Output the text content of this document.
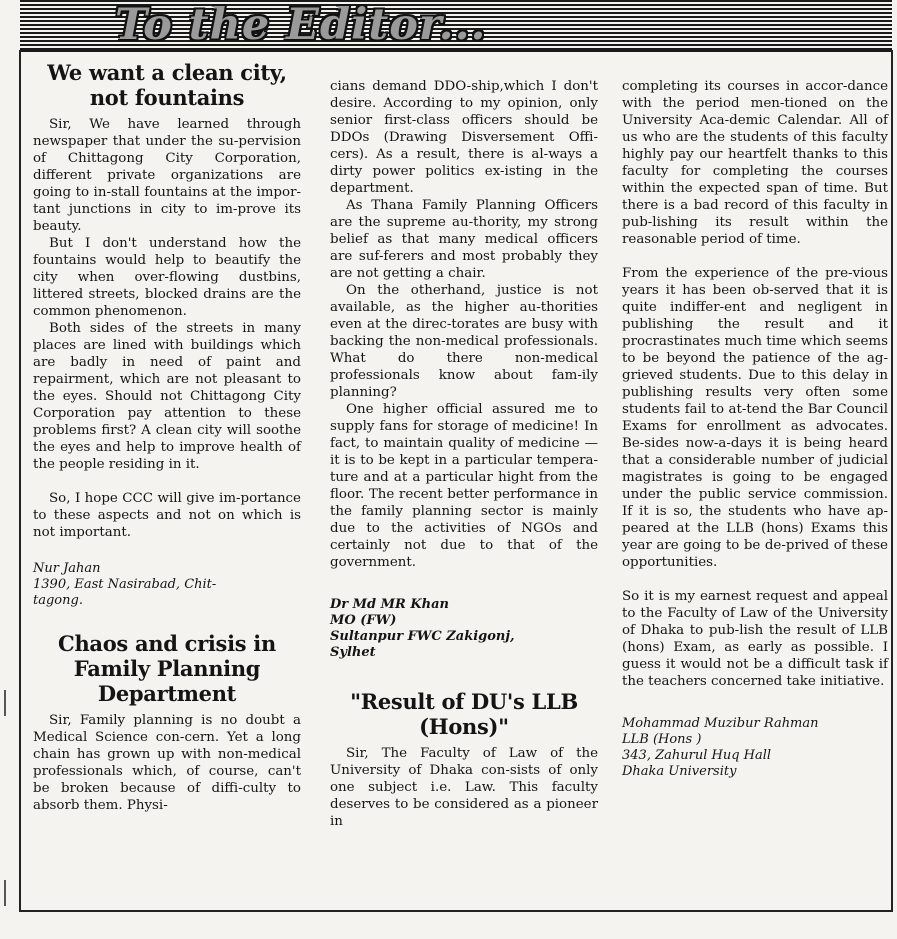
To the Editor...
We want a clean city,
not fountains

Sir, We have learned through newspaper that under the su-pervision of Chittagong City Corporation, different private organizations are going to in-stall fountains at the impor-tant junctions in city to im-prove its beauty.

But I don't understand how the fountains would help to beautify the city when over-flowing dustbins, littered streets, blocked drains are the common phenomenon.

Both sides of the streets in many places are lined with buildings which are badly in need of paint and repairment, which are not pleasant to the eyes. Should not Chittagong City Corporation pay attention to these problems first? A clean city will soothe the eyes and help to improve health of the people residing in it.

So, I hope CCC will give im-portance to these aspects and not on which is not important.

Nur Jahan

1390, East Nasirabad, Chit-

tagong.

Chaos and crisis in
Family Planning
Department

Sir, Family planning is no doubt a Medical Science con-cern. Yet a long chain has grown up with non-medical professionals which, of course, can't be broken because of diffi-culty to absorb them. Physi-

cians demand DDO-ship,which I don't desire. According to my opinion, only senior first-class officers should be DDOs (Drawing Disversement Offi-cers). As a result, there is al-ways a dirty power politics ex-isting in the department.

As Thana Family Planning Officers are the supreme au-thority, my strong belief as that many medical officers are suf-ferers and most probably they are not getting a chair.

On the otherhand, justice is not available, as the higher au-thorities even at the direc-torates are busy with backing the non-medical professionals. What do there non-medical professionals know about fam-ily planning?

One higher official assured me to supply fans for storage of medicine! In fact, to maintain quality of medicine — it is to be kept in a particular tempera-ture and at a particular hight from the floor. The recent better performance in the family planning sector is mainly due to the activities of NGOs and certainly not due to that of the government.

Dr Md MR Khan

MO (FW)

Sultanpur FWC Zakigonj,

Sylhet

"Result of DU's LLB
(Hons)"

Sir, The Faculty of Law of the University of Dhaka con-sists of only one subject i.e. Law. This faculty deserves to be considered as a pioneer in

completing its courses in accor-dance with the period men-tioned on the University Aca-demic Calendar. All of us who are the students of this faculty highly pay our heartfelt thanks to this faculty for completing the courses within the expected span of time. But there is a bad record of this faculty in pub-lishing its result within the reasonable period of time.

From the experience of the pre-vious years it has been ob-served that it is quite indiffer-ent and negligent in publishing the result and it procrastinates much time which seems to be beyond the patience of the ag-grieved students. Due to this delay in publishing results very often some students fail to at-tend the Bar Council Exams for enrollment as advocates. Be-sides now-a-days it is being heard that a considerable number of judicial magistrates is going to be engaged under the public service commission. If it is so, the students who have ap-peared at the LLB (hons) Exams this year are going to be de-prived of these opportunities.

So it is my earnest request and appeal to the Faculty of Law of the University of Dhaka to pub-lish the result of LLB (hons) Exam, as early as possible. I guess it would not be a difficult task if the teachers concerned take initiative.

Mohammad Muzibur Rahman

LLB (Hons )

343, Zahurul Huq Hall

Dhaka University
